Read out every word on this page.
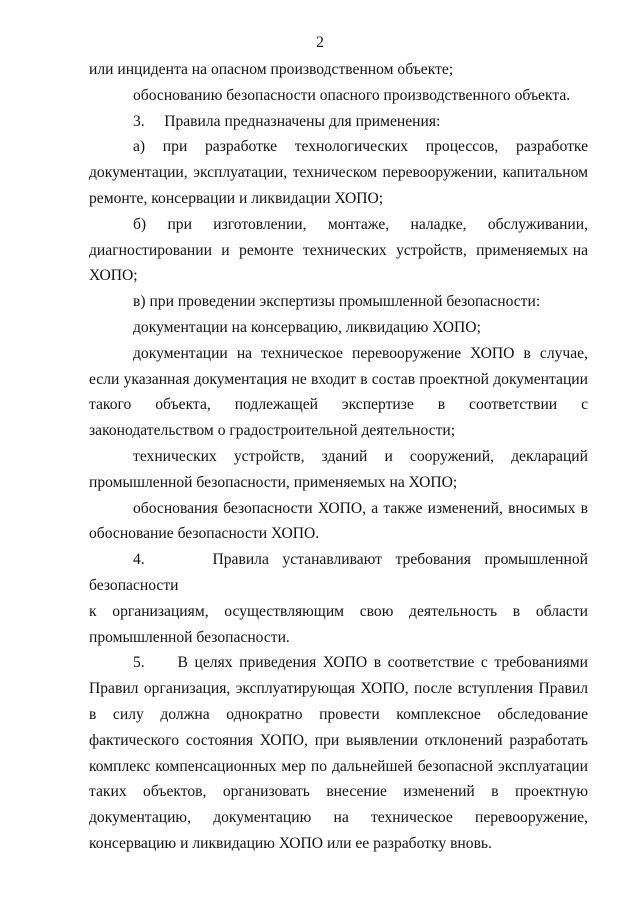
2

или инцидента на опасном производственном объекте;

обоснованию безопасности опасного производственного объекта.

3.     Правила предназначены для применения:

а)    при    разработке    технологических    процессов,    разработке документации, эксплуатации, техническом перевооружении, капитальном ремонте, консервации и ликвидации ХОПО;

б)   при   изготовлении,   монтаже,   наладке,   обслуживании, диагностировании  и  ремонте  технических  устройств,  применяемых на ХОПО;

в) при проведении экспертизы промышленной безопасности:

документации на консервацию, ликвидацию ХОПО;

документации на техническое перевооружение ХОПО в случае, если указанная документация не входит в состав проектной документации такого объекта, подлежащей экспертизе в соответствии с законодательством о градостроительной деятельности;

технических   устройств,   зданий   и   сооружений,   деклараций промышленной безопасности, применяемых на ХОПО;

обоснования безопасности ХОПО, а также изменений, вносимых в обоснование безопасности ХОПО.

4.     Правила устанавливают требования промышленной безопасности к   организациям,   осуществляющим   свою   деятельность   в   области промышленной безопасности.

5.     В целях приведения ХОПО в соответствие с требованиями Правил организация, эксплуатирующая ХОПО, после вступления Правил в силу должна однократно провести комплексное обследование фактического состояния ХОПО, при выявлении отклонений разработать комплекс компенсационных мер по дальнейшей безопасной эксплуатации таких объектов, организовать внесение изменений в проектную документацию, документацию на техническое перевооружение, консервацию и ликвидацию ХОПО или ее разработку вновь.
